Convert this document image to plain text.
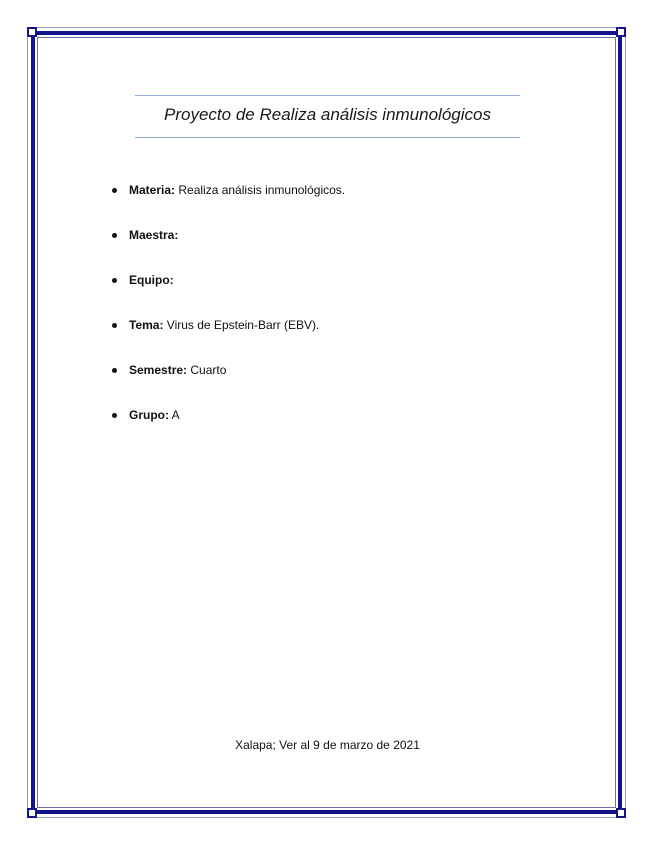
Proyecto de Realiza análisis inmunológicos
Materia: Realiza análisis inmunológicos.
Maestra:
Equipo:
Tema: Virus de Epstein-Barr (EBV).
Semestre: Cuarto
Grupo: A
Xalapa; Ver al 9 de marzo de 2021
